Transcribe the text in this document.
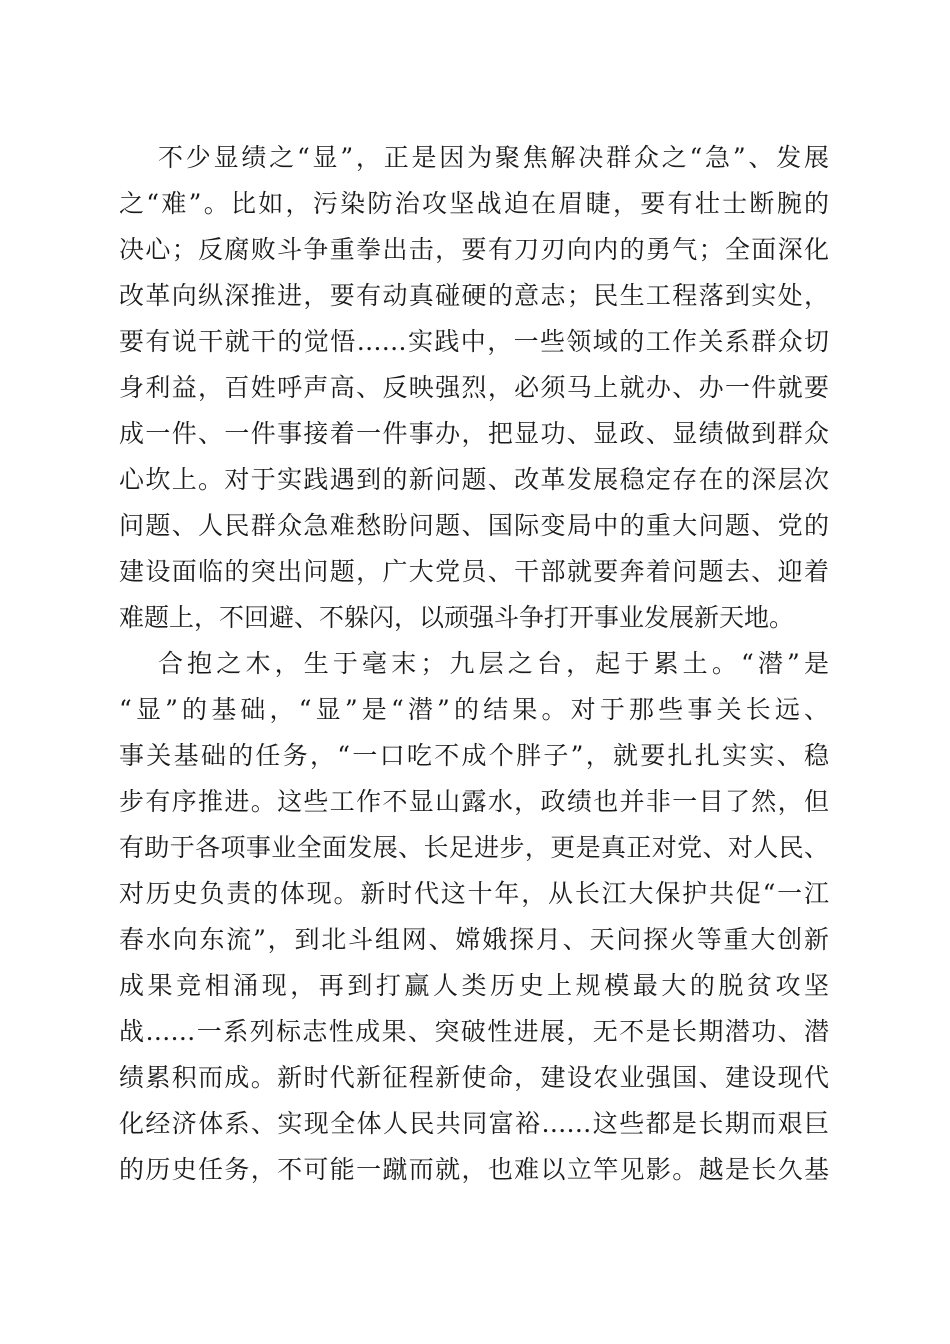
不少显绩之“显”，正是因为聚焦解决群众之“急”、发展
之“难”。比如，污染防治攻坚战迫在眉睫，要有壮士断腕的
决心；反腐败斗争重拳出击，要有刀刃向内的勇气；全面深化
改革向纵深推进，要有动真碰硬的意志；民生工程落到实处，
要有说干就干的觉悟……实践中，一些领域的工作关系群众切
身利益，百姓呼声高、反映强烈，必须马上就办、办一件就要
成一件、一件事接着一件事办，把显功、显政、显绩做到群众
心坎上。对于实践遇到的新问题、改革发展稳定存在的深层次
问题、人民群众急难愁盼问题、国际变局中的重大问题、党的
建设面临的突出问题，广大党员、干部就要奔着问题去、迎着
难题上，不回避、不躲闪，以顽强斗争打开事业发展新天地。
合抱之木，生于毫末；九层之台，起于累土。“潜”是
“显”的基础，“显”是“潜”的结果。对于那些事关长远、
事关基础的任务，“一口吃不成个胖子”，就要扎扎实实、稳
步有序推进。这些工作不显山露水，政绩也并非一目了然，但
有助于各项事业全面发展、长足进步，更是真正对党、对人民、
对历史负责的体现。新时代这十年，从长江大保护共促“一江
春水向东流”，到北斗组网、嫦娥探月、天问探火等重大创新
成果竞相涌现，再到打赢人类历史上规模最大的脱贫攻坚
战……一系列标志性成果、突破性进展，无不是长期潜功、潜
绩累积而成。新时代新征程新使命，建设农业强国、建设现代
化经济体系、实现全体人民共同富裕……这些都是长期而艰巨
的历史任务，不可能一蹴而就，也难以立竿见影。越是长久基
